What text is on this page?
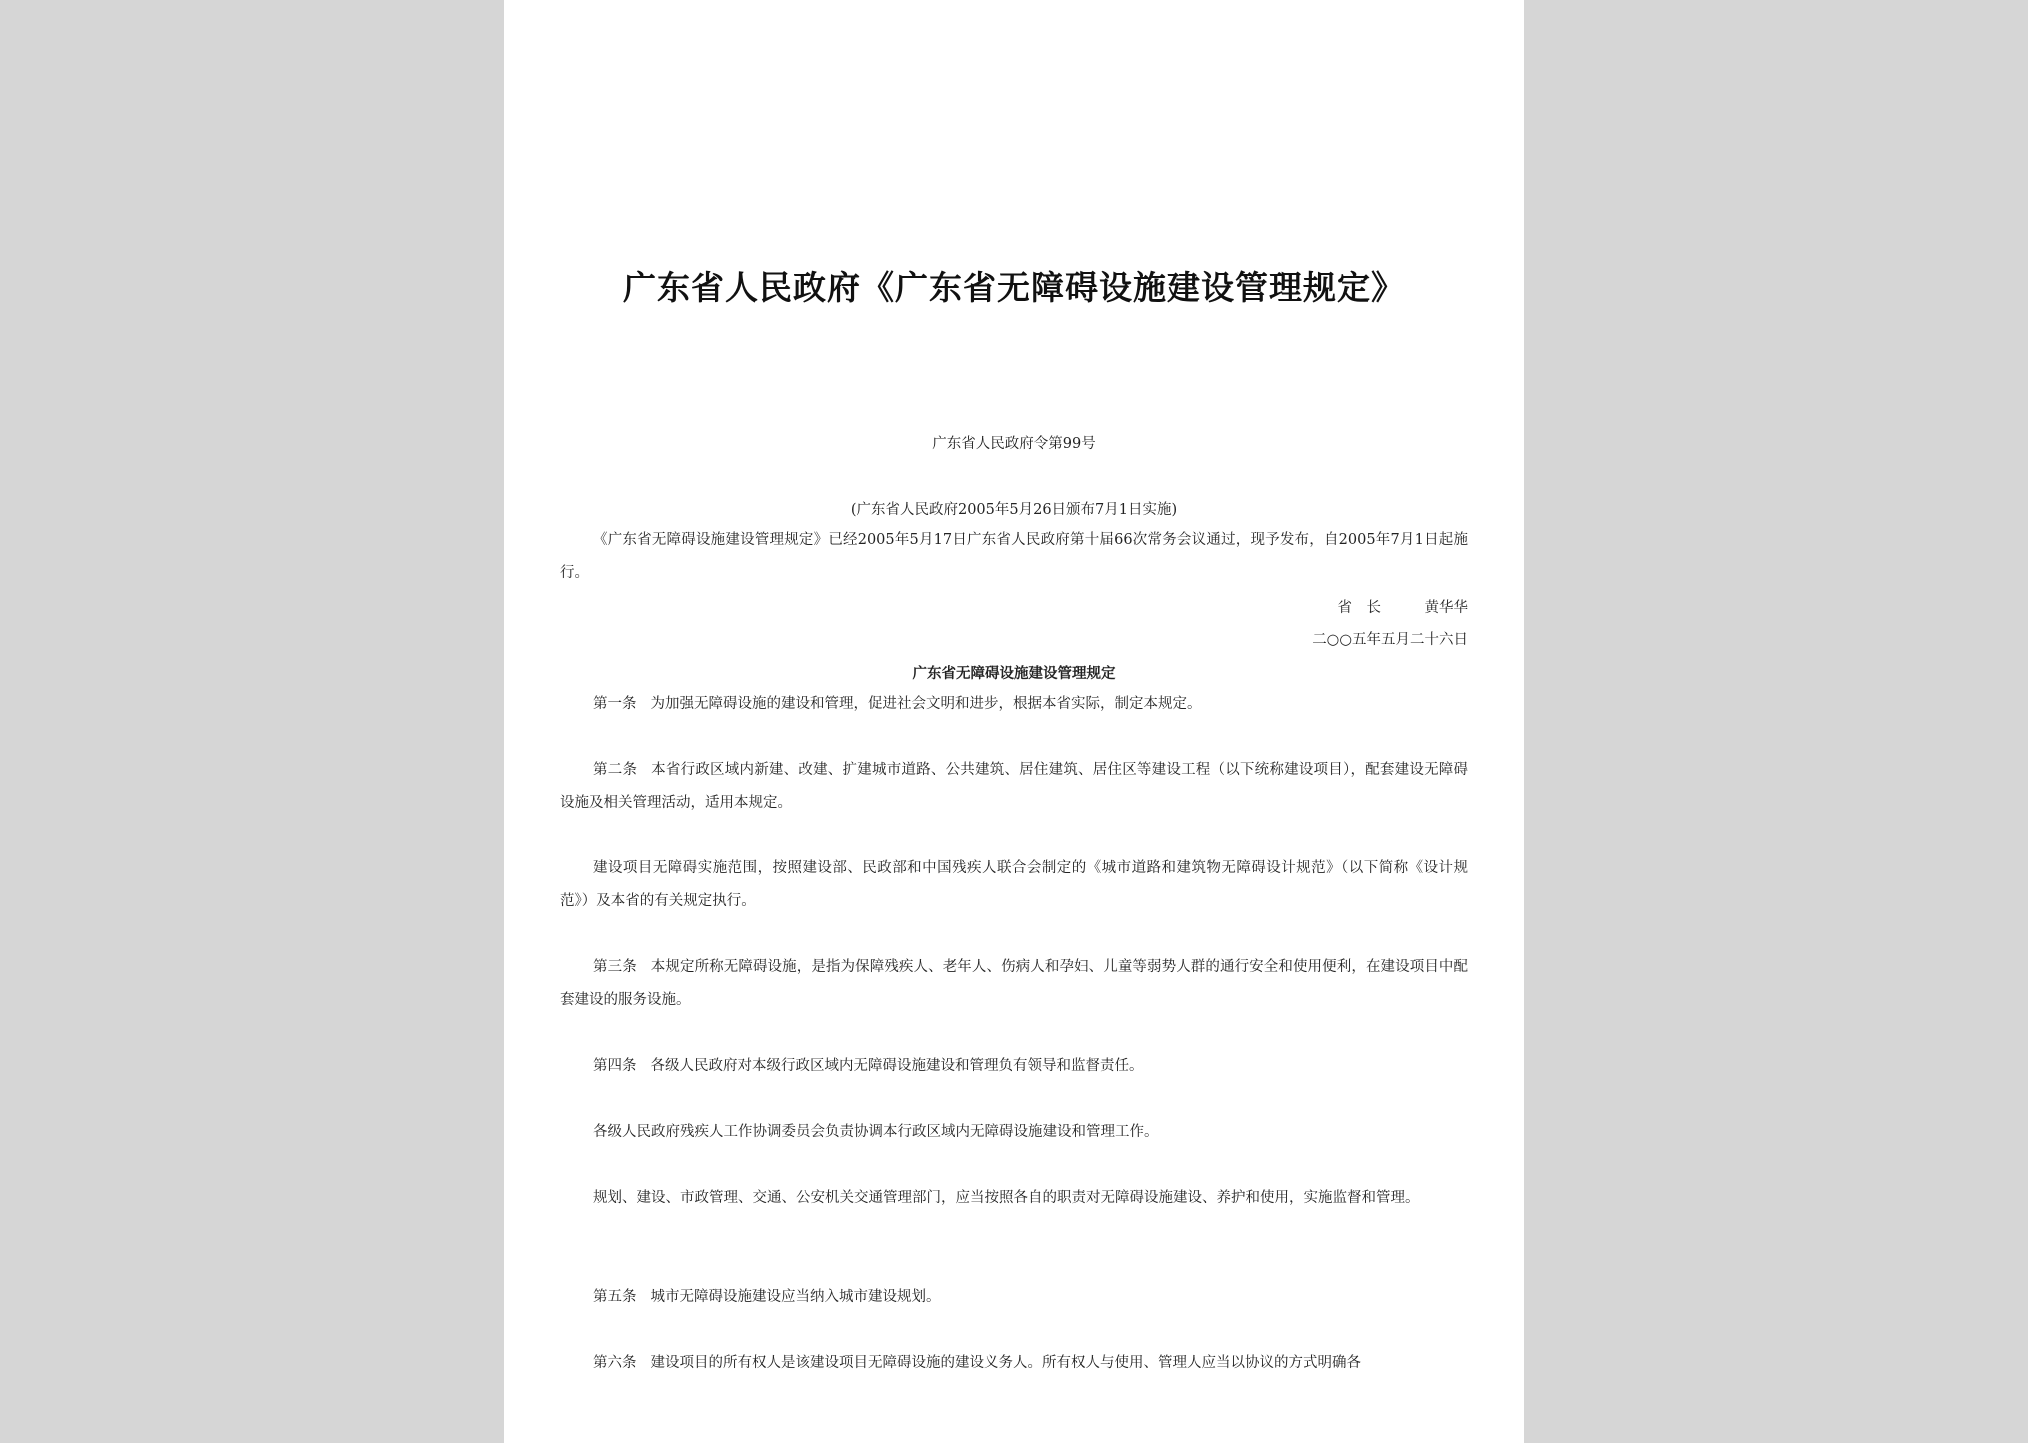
广东省人民政府《广东省无障碍设施建设管理规定》
广东省人民政府令第99号
(广东省人民政府2005年5月26日颁布7月1日实施)
《广东省无障碍设施建设管理规定》已经2005年5月17日广东省人民政府第十届66次常务会议通过，现予发布，自2005年7月1日起施行。
省　长　　　	黄华华
二○○五年五月二十六日
广东省无障碍设施建设管理规定
第一条 为加强无障碍设施的建设和管理，促进社会文明和进步，根据本省实际，制定本规定。
第二条 本省行政区域内新建、改建、扩建城市道路、公共建筑、居住建筑、居住区等建设工程（以下统称建设项目），配套建设无障碍设施及相关管理活动，适用本规定。
建设项目无障碍实施范围，按照建设部、民政部和中国残疾人联合会制定的《城市道路和建筑物无障碍设计规范》（以下简称《设计规范》）及本省的有关规定执行。
第三条 本规定所称无障碍设施，是指为保障残疾人、老年人、伤病人和孕妇、儿童等弱势人群的通行安全和使用便利，在建设项目中配套建设的服务设施。
第四条 各级人民政府对本级行政区域内无障碍设施建设和管理负有领导和监督责任。
各级人民政府残疾人工作协调委员会负责协调本行政区域内无障碍设施建设和管理工作。
规划、建设、市政管理、交通、公安机关交通管理部门，应当按照各自的职责对无障碍设施建设、养护和使用，实施监督和管理。
第五条 城市无障碍设施建设应当纳入城市建设规划。
第六条 建设项目的所有权人是该建设项目无障碍设施的建设义务人。所有权人与使用、管理人应当以协议的方式明确各
